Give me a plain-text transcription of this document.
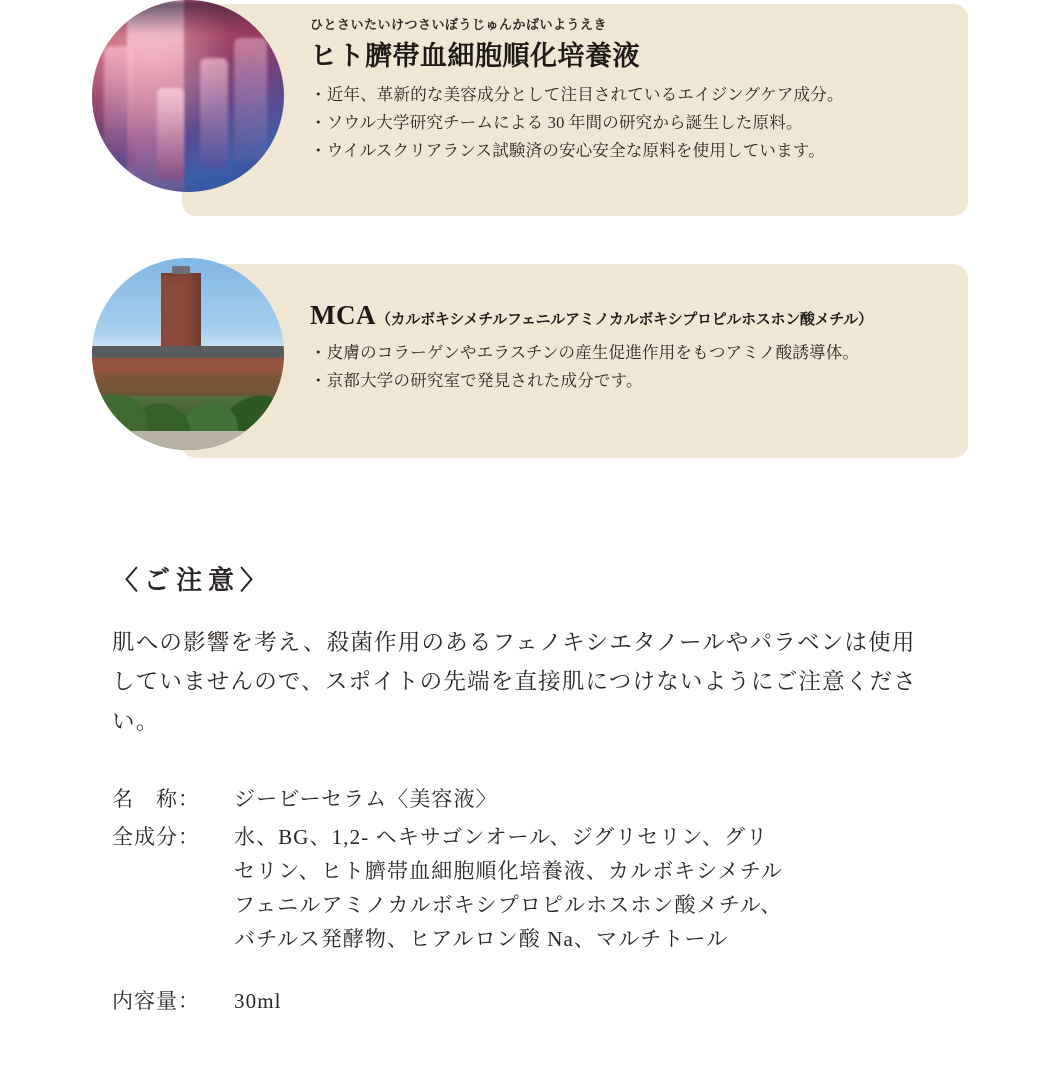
ひとさいたいけつさいぼうじゅんかばいようえき

ヒト臍帯血細胞順化培養液

・近年、革新的な美容成分として注目されているエイジングケア成分。

・ソウル大学研究チームによる 30 年間の研究から誕生した原料。

・ウイルスクリアランス試験済の安心安全な原料を使用しています。

MCA（カルボキシメチルフェニルアミノカルボキシプロピルホスホン酸メチル）

・皮膚のコラーゲンやエラスチンの産生促進作用をもつアミノ酸誘導体。

・京都大学の研究室で発見された成分です。

〈ご注意〉

肌への影響を考え、殺菌作用のあるフェノキシエタノールやパラベンは使用していませんので、スポイトの先端を直接肌につけないようにご注意ください。

名　称：	ジービーセラム〈美容液〉
全成分：	水、BG、1,2- ヘキサゴンオール、ジグリセリン、グリ
セリン、ヒト臍帯血細胞順化培養液、カルボキシメチル
フェニルアミノカルボキシプロピルホスホン酸メチル、
バチルス発酵物、ヒアルロン酸 Na、マルチトール
内容量：	30ml
